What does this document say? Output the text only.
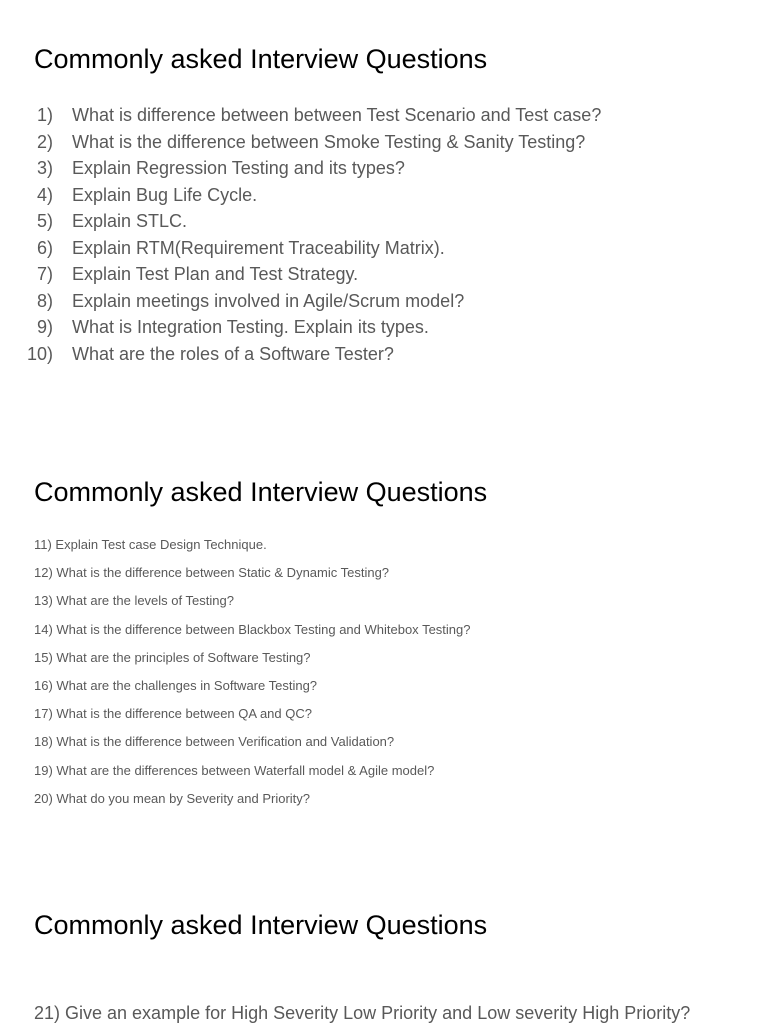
Commonly asked Interview Questions
1) What is difference between between Test Scenario and Test case?
2) What is the difference between Smoke Testing & Sanity Testing?
3) Explain Regression Testing and its types?
4) Explain Bug Life Cycle.
5) Explain STLC.
6) Explain RTM(Requirement Traceability Matrix).
7) Explain Test Plan and Test Strategy.
8) Explain meetings involved in Agile/Scrum model?
9) What is Integration Testing. Explain its types.
10) What are the roles of a Software Tester?
Commonly asked Interview Questions
11) Explain Test case Design Technique.
12) What is the difference between Static & Dynamic Testing?
13) What are the levels of Testing?
14) What is the difference between Blackbox Testing and Whitebox Testing?
15) What are the principles of Software Testing?
16) What are the challenges in Software Testing?
17) What is the difference between QA and QC?
18) What is the difference between Verification and Validation?
19) What are the differences between Waterfall model & Agile model?
20) What do you mean by Severity and Priority?
Commonly asked Interview Questions
21) Give an example for High Severity Low Priority and Low severity High Priority?
